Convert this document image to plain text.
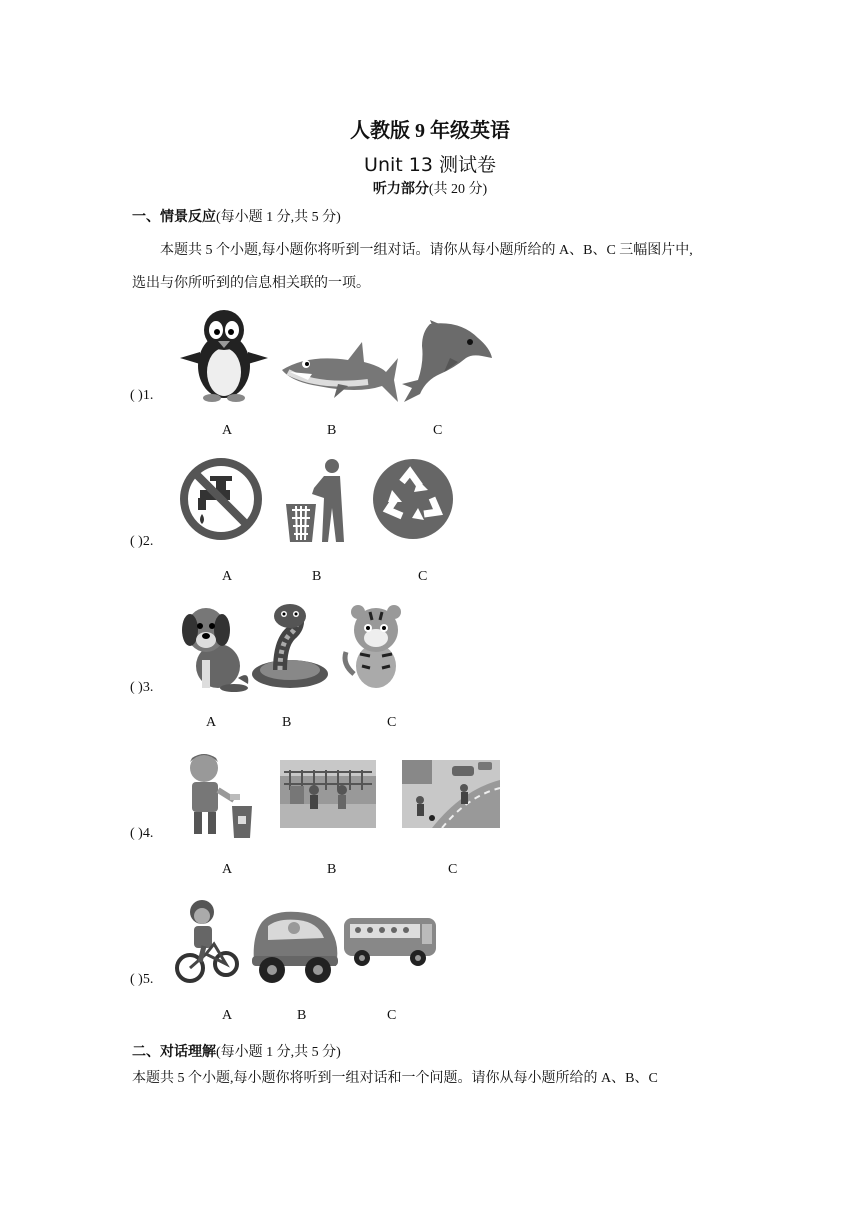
人教版 9 年级英语
Unit 13 测试卷
听力部分(共 20 分)
一、情景反应(每小题 1 分,共 5 分)
本题共 5 个小题,每小题你将听到一组对话。请你从每小题所给的 A、B、C 三幅图片中,
选出与你所听到的信息相关联的一项。
( )1.
A	B	C
( )2.
A	B	C
( )3.
A	B	C
( )4.
A	B	C
( )5.
A	B	C
二、对话理解(每小题 1 分,共 5 分)
本题共 5 个小题,每小题你将听到一组对话和一个问题。请你从每小题所给的 A、B、C
